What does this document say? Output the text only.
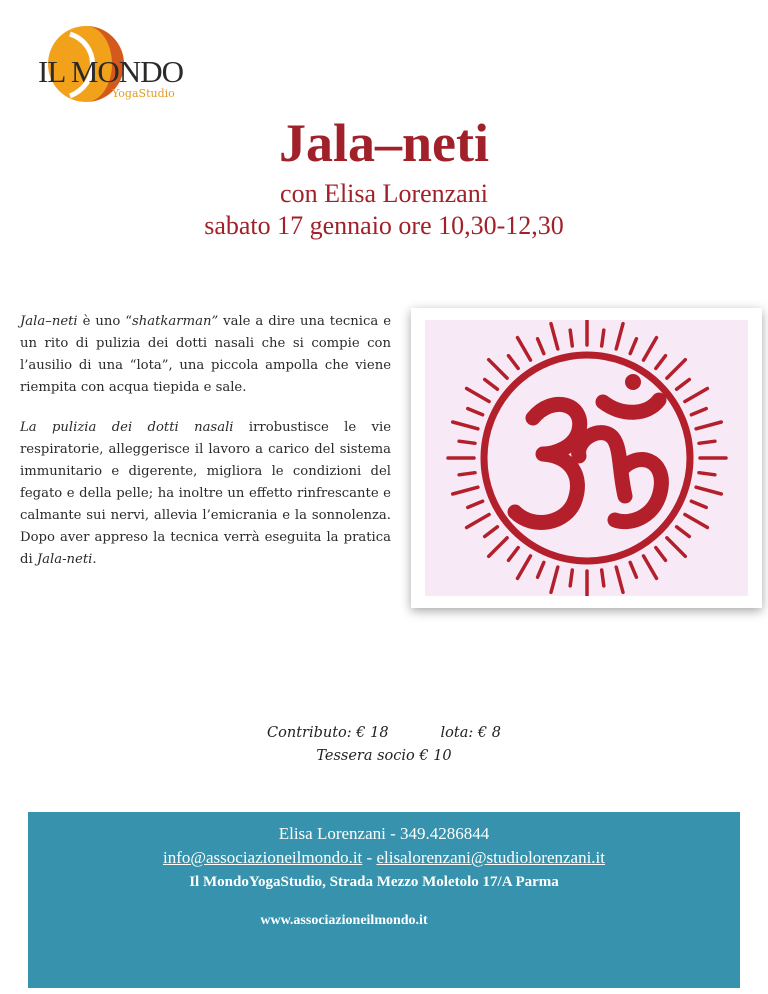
IL MONDO
YogaStudio
Jala–neti
con Elisa Lorenzani
sabato 17 gennaio ore 10,30-12,30

Jala–neti è uno “shatkarman” vale a dire una tecnica e un rito di pulizia dei dotti nasali che si compie con l’ausilio di una “lota”, una piccola ampolla che viene riempita con acqua tiepida e sale.

La pulizia dei dotti nasali irrobustisce le vie respiratorie, alleggerisce il lavoro a carico del sistema immunitario e digerente, migliora le condizioni del fegato e della pelle; ha inoltre un effetto rinfrescante e calmante sui nervi, allevia l’emicrania e la sonnolenza. Dopo aver appreso la tecnica verrà eseguita la pratica di Jala-neti.

Contributo: € 18	lota: € 8
Tessera socio € 10
Elisa Lorenzani - 349.4286844
info@associazioneilmondo.it - elisalorenzani@studiolorenzani.it
Il MondoYogaStudio, Strada Mezzo Moletolo 17/A Parma
www.associazioneilmondo.it
